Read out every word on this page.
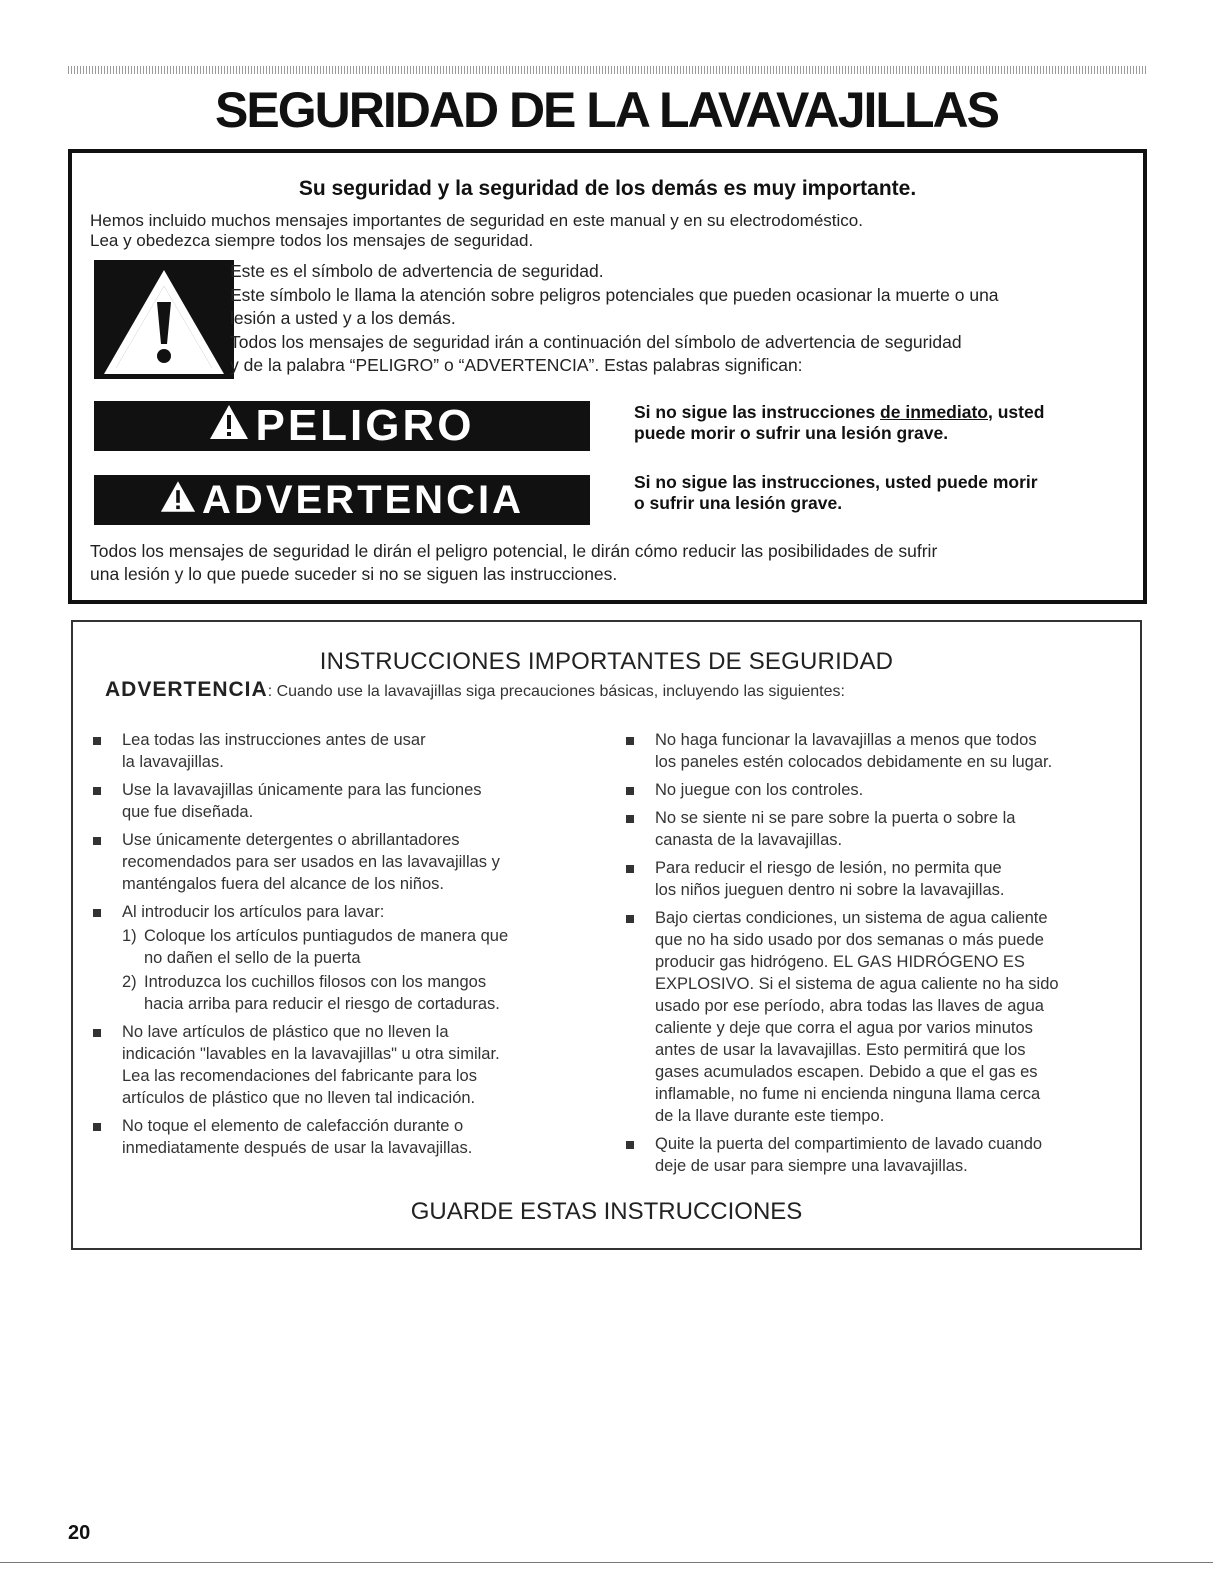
SEGURIDAD DE LA LAVAVAJILLAS
Su seguridad y la seguridad de los demás es muy importante.
Hemos incluido muchos mensajes importantes de seguridad en este manual y en su electrodoméstico.
Lea y obedezca siempre todos los mensajes de seguridad.
Este es el símbolo de advertencia de seguridad.
Este símbolo le llama la atención sobre peligros potenciales que pueden ocasionar la muerte o una
lesión a usted y a los demás.
Todos los mensajes de seguridad irán a continuación del símbolo de advertencia de seguridad
y de la palabra “PELIGRO” o “ADVERTENCIA”. Estas palabras significan:
PELIGRO	Si no sigue las instrucciones de inmediato, usted
puede morir o sufrir una lesión grave.
ADVERTENCIA	Si no sigue las instrucciones, usted puede morir
o sufrir una lesión grave.
Todos los mensajes de seguridad le dirán el peligro potencial, le dirán cómo reducir las posibilidades de sufrir
una lesión y lo que puede suceder si no se siguen las instrucciones.
INSTRUCCIONES IMPORTANTES DE SEGURIDAD
ADVERTENCIA: Cuando use la lavavajillas siga precauciones básicas, incluyendo las siguientes:
Lea todas las instrucciones antes de usar
la lavavajillas.
Use la lavavajillas únicamente para las funciones
que fue diseñada.
Use únicamente detergentes o abrillantadores
recomendados para ser usados en las lavavajillas y
manténgalos fuera del alcance de los niños.
Al introducir los artículos para lavar:
1) Coloque los artículos puntiagudos de manera que
no dañen el sello de la puerta
2) Introduzca los cuchillos filosos con los mangos
hacia arriba para reducir el riesgo de cortaduras.
No lave artículos de plástico que no lleven la
indicación "lavables en la lavavajillas" u otra similar.
Lea las recomendaciones del fabricante para los
artículos de plástico que no lleven tal indicación.
No toque el elemento de calefacción durante o
inmediatamente después de usar la lavavajillas.
No haga funcionar la lavavajillas a menos que todos
los paneles estén colocados debidamente en su lugar.
No juegue con los controles.
No se siente ni se pare sobre la puerta o sobre la
canasta de la lavavajillas.
Para reducir el riesgo de lesión, no permita que
los niños jueguen dentro ni sobre la lavavajillas.
Bajo ciertas condiciones, un sistema de agua caliente
que no ha sido usado por dos semanas o más puede
producir gas hidrógeno. EL GAS HIDRÓGENO ES
EXPLOSIVO. Si el sistema de agua caliente no ha sido
usado por ese período, abra todas las llaves de agua
caliente y deje que corra el agua por varios minutos
antes de usar la lavavajillas. Esto permitirá que los
gases acumulados escapen. Debido a que el gas es
inflamable, no fume ni encienda ninguna llama cerca
de la llave durante este tiempo.
Quite la puerta del compartimiento de lavado cuando
deje de usar para siempre una lavavajillas.
GUARDE ESTAS INSTRUCCIONES
20
